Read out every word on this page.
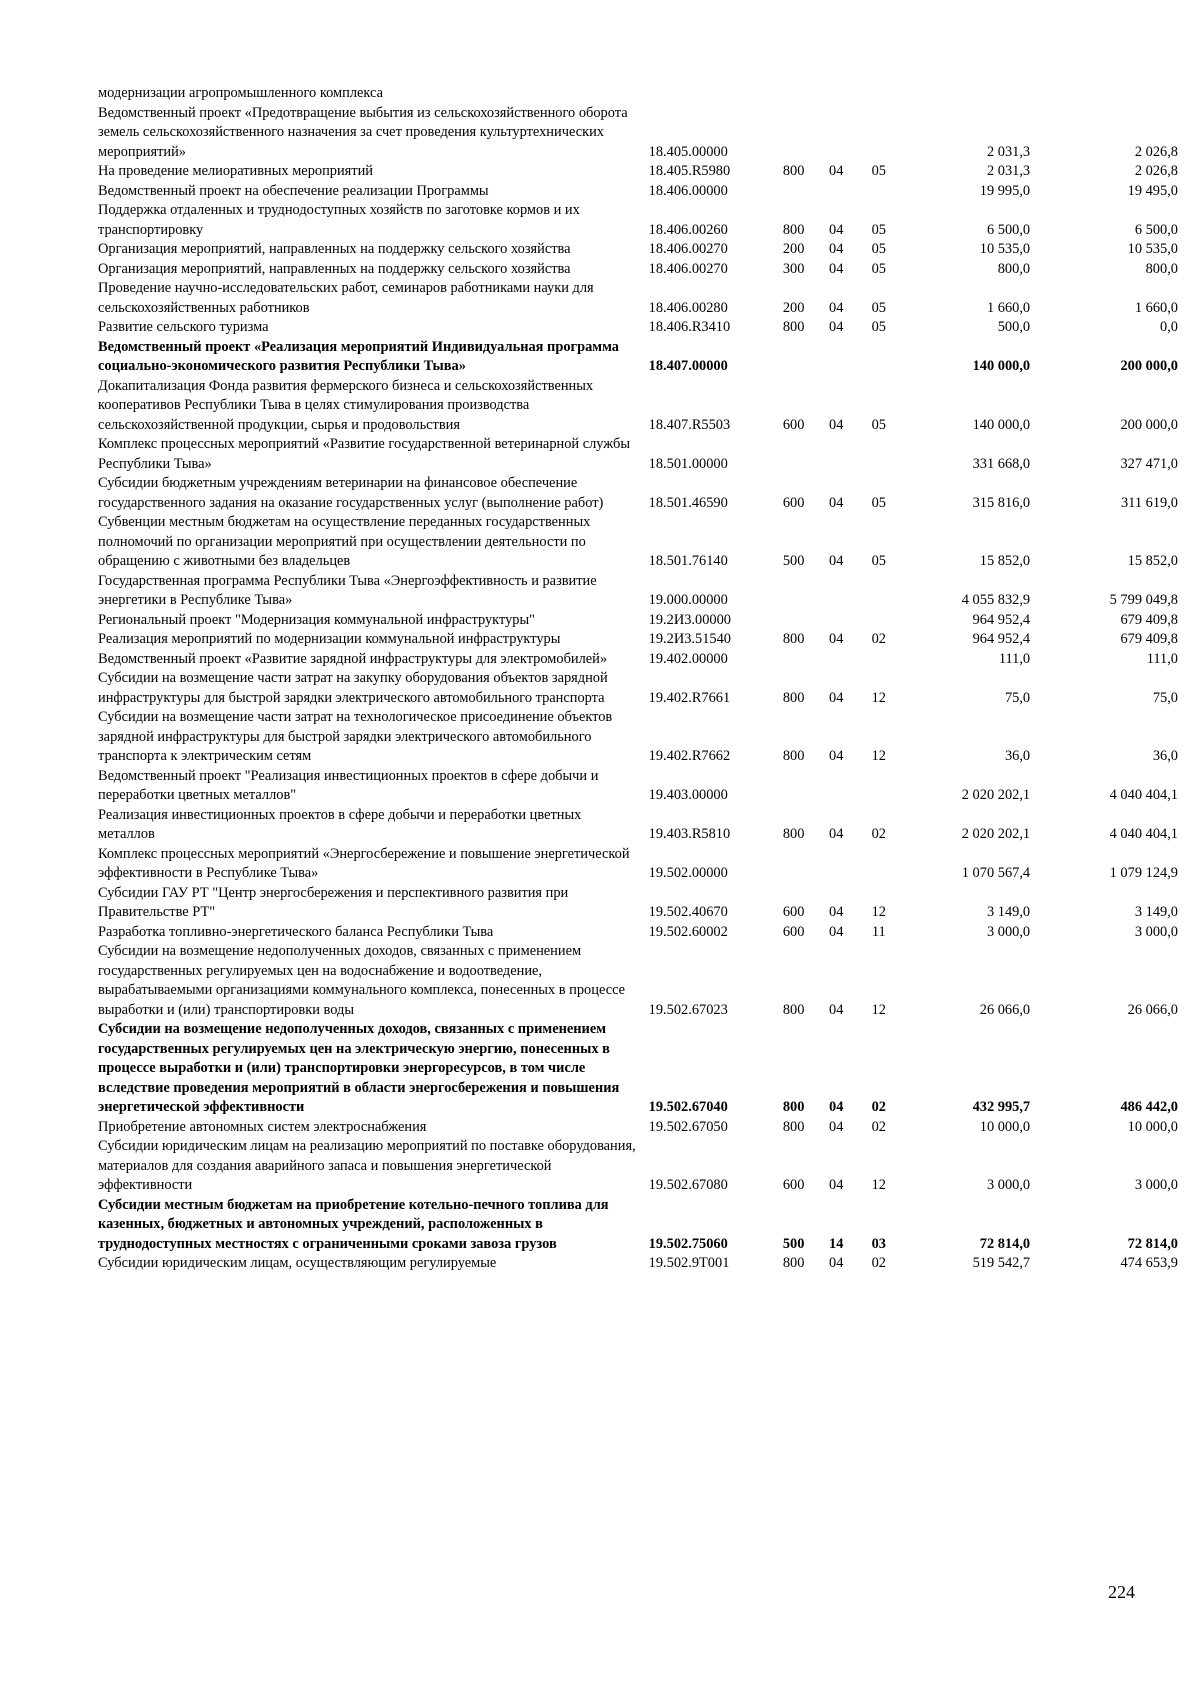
модернизации агропромышленного комплекса						
Ведомственный проект «Предотвращение выбытия из сельскохозяйственного оборота земель сельскохозяйственного назначения за счет проведения культуртехнических мероприятий»	18.405.00000				2 031,3	2 026,8
На проведение мелиоративных мероприятий	18.405.R5980	800	04	05	2 031,3	2 026,8
Ведомственный проект на обеспечение реализации Программы	18.406.00000				19 995,0	19 495,0
Поддержка отдаленных и труднодоступных хозяйств по заготовке кормов и их транспортировку	18.406.00260	800	04	05	6 500,0	6 500,0
Организация мероприятий, направленных на поддержку сельского хозяйства	18.406.00270	200	04	05	10 535,0	10 535,0
Организация мероприятий, направленных на поддержку сельского хозяйства	18.406.00270	300	04	05	800,0	800,0
Проведение научно-исследовательских работ, семинаров работниками науки для сельскохозяйственных работников	18.406.00280	200	04	05	1 660,0	1 660,0
Развитие сельского туризма	18.406.R3410	800	04	05	500,0	0,0
Ведомственный проект «Реализация мероприятий Индивидуальная программа социально-экономического развития Республики Тыва»	18.407.00000				140 000,0	200 000,0
Докапитализация Фонда развития фермерского бизнеса и сельскохозяйственных кооперативов Республики Тыва в целях стимулирования производства сельскохозяйственной продукции, сырья и продовольствия	18.407.R5503	600	04	05	140 000,0	200 000,0
Комплекс процессных мероприятий «Развитие государственной ветеринарной службы Республики Тыва»	18.501.00000				331 668,0	327 471,0
Субсидии бюджетным учреждениям ветеринарии на финансовое обеспечение государственного задания на оказание государственных услуг (выполнение работ)	18.501.46590	600	04	05	315 816,0	311 619,0
Субвенции местным бюджетам на осуществление переданных государственных полномочий по организации мероприятий при осуществлении деятельности по обращению с животными без владельцев	18.501.76140	500	04	05	15 852,0	15 852,0
Государственная программа Республики Тыва «Энергоэффективность и развитие энергетики в Республике Тыва»	19.000.00000				4 055 832,9	5 799 049,8
Региональный проект "Модернизация коммунальной инфраструктуры"	19.2И3.00000				964 952,4	679 409,8
Реализация мероприятий по модернизации коммунальной инфраструктуры	19.2И3.51540	800	04	02	964 952,4	679 409,8
Ведомственный проект «Развитие зарядной инфраструктуры для электромобилей»	19.402.00000				111,0	111,0
Субсидии на возмещение части затрат на закупку оборудования объектов зарядной инфраструктуры для быстрой зарядки электрического автомобильного транспорта	19.402.R7661	800	04	12	75,0	75,0
Субсидии на возмещение части затрат на технологическое присоединение объектов зарядной инфраструктуры для быстрой зарядки электрического автомобильного транспорта к электрическим сетям	19.402.R7662	800	04	12	36,0	36,0
Ведомственный проект "Реализация инвестиционных проектов в сфере добычи и переработки цветных металлов"	19.403.00000				2 020 202,1	4 040 404,1
Реализация инвестиционных проектов в сфере добычи и переработки цветных металлов	19.403.R5810	800	04	02	2 020 202,1	4 040 404,1
Комплекс процессных мероприятий «Энергосбережение и повышение энергетической эффективности в Республике Тыва»	19.502.00000				1 070 567,4	1 079 124,9
Субсидии ГАУ РТ "Центр энергосбережения и перспективного развития при Правительстве РТ"	19.502.40670	600	04	12	3 149,0	3 149,0
Разработка топливно-энергетического баланса Республики Тыва	19.502.60002	600	04	11	3 000,0	3 000,0
Субсидии на возмещение недополученных доходов, связанных с применением государственных регулируемых цен на водоснабжение и водоотведение, вырабатываемыми организациями коммунального комплекса, понесенных в процессе выработки и (или) транспортировки воды	19.502.67023	800	04	12	26 066,0	26 066,0
Субсидии на возмещение недополученных доходов, связанных с применением государственных регулируемых цен на электрическую энергию, понесенных в процессе выработки и (или) транспортировки энергоресурсов, в том числе вследствие проведения мероприятий в области энергосбережения и повышения энергетической эффективности	19.502.67040	800	04	02	432 995,7	486 442,0
Приобретение автономных систем электроснабжения	19.502.67050	800	04	02	10 000,0	10 000,0
Субсидии юридическим лицам на реализацию мероприятий по поставке оборудования, материалов для создания аварийного запаса и повышения энергетической эффективности	19.502.67080	600	04	12	3 000,0	3 000,0
Субсидии местным бюджетам на приобретение котельно-печного топлива для казенных, бюджетных и автономных учреждений, расположенных в труднодоступных местностях с ограниченными сроками завоза грузов	19.502.75060	500	14	03	72 814,0	72 814,0
Субсидии юридическим лицам, осуществляющим регулируемые	19.502.9Т001	800	04	02	519 542,7	474 653,9
224
